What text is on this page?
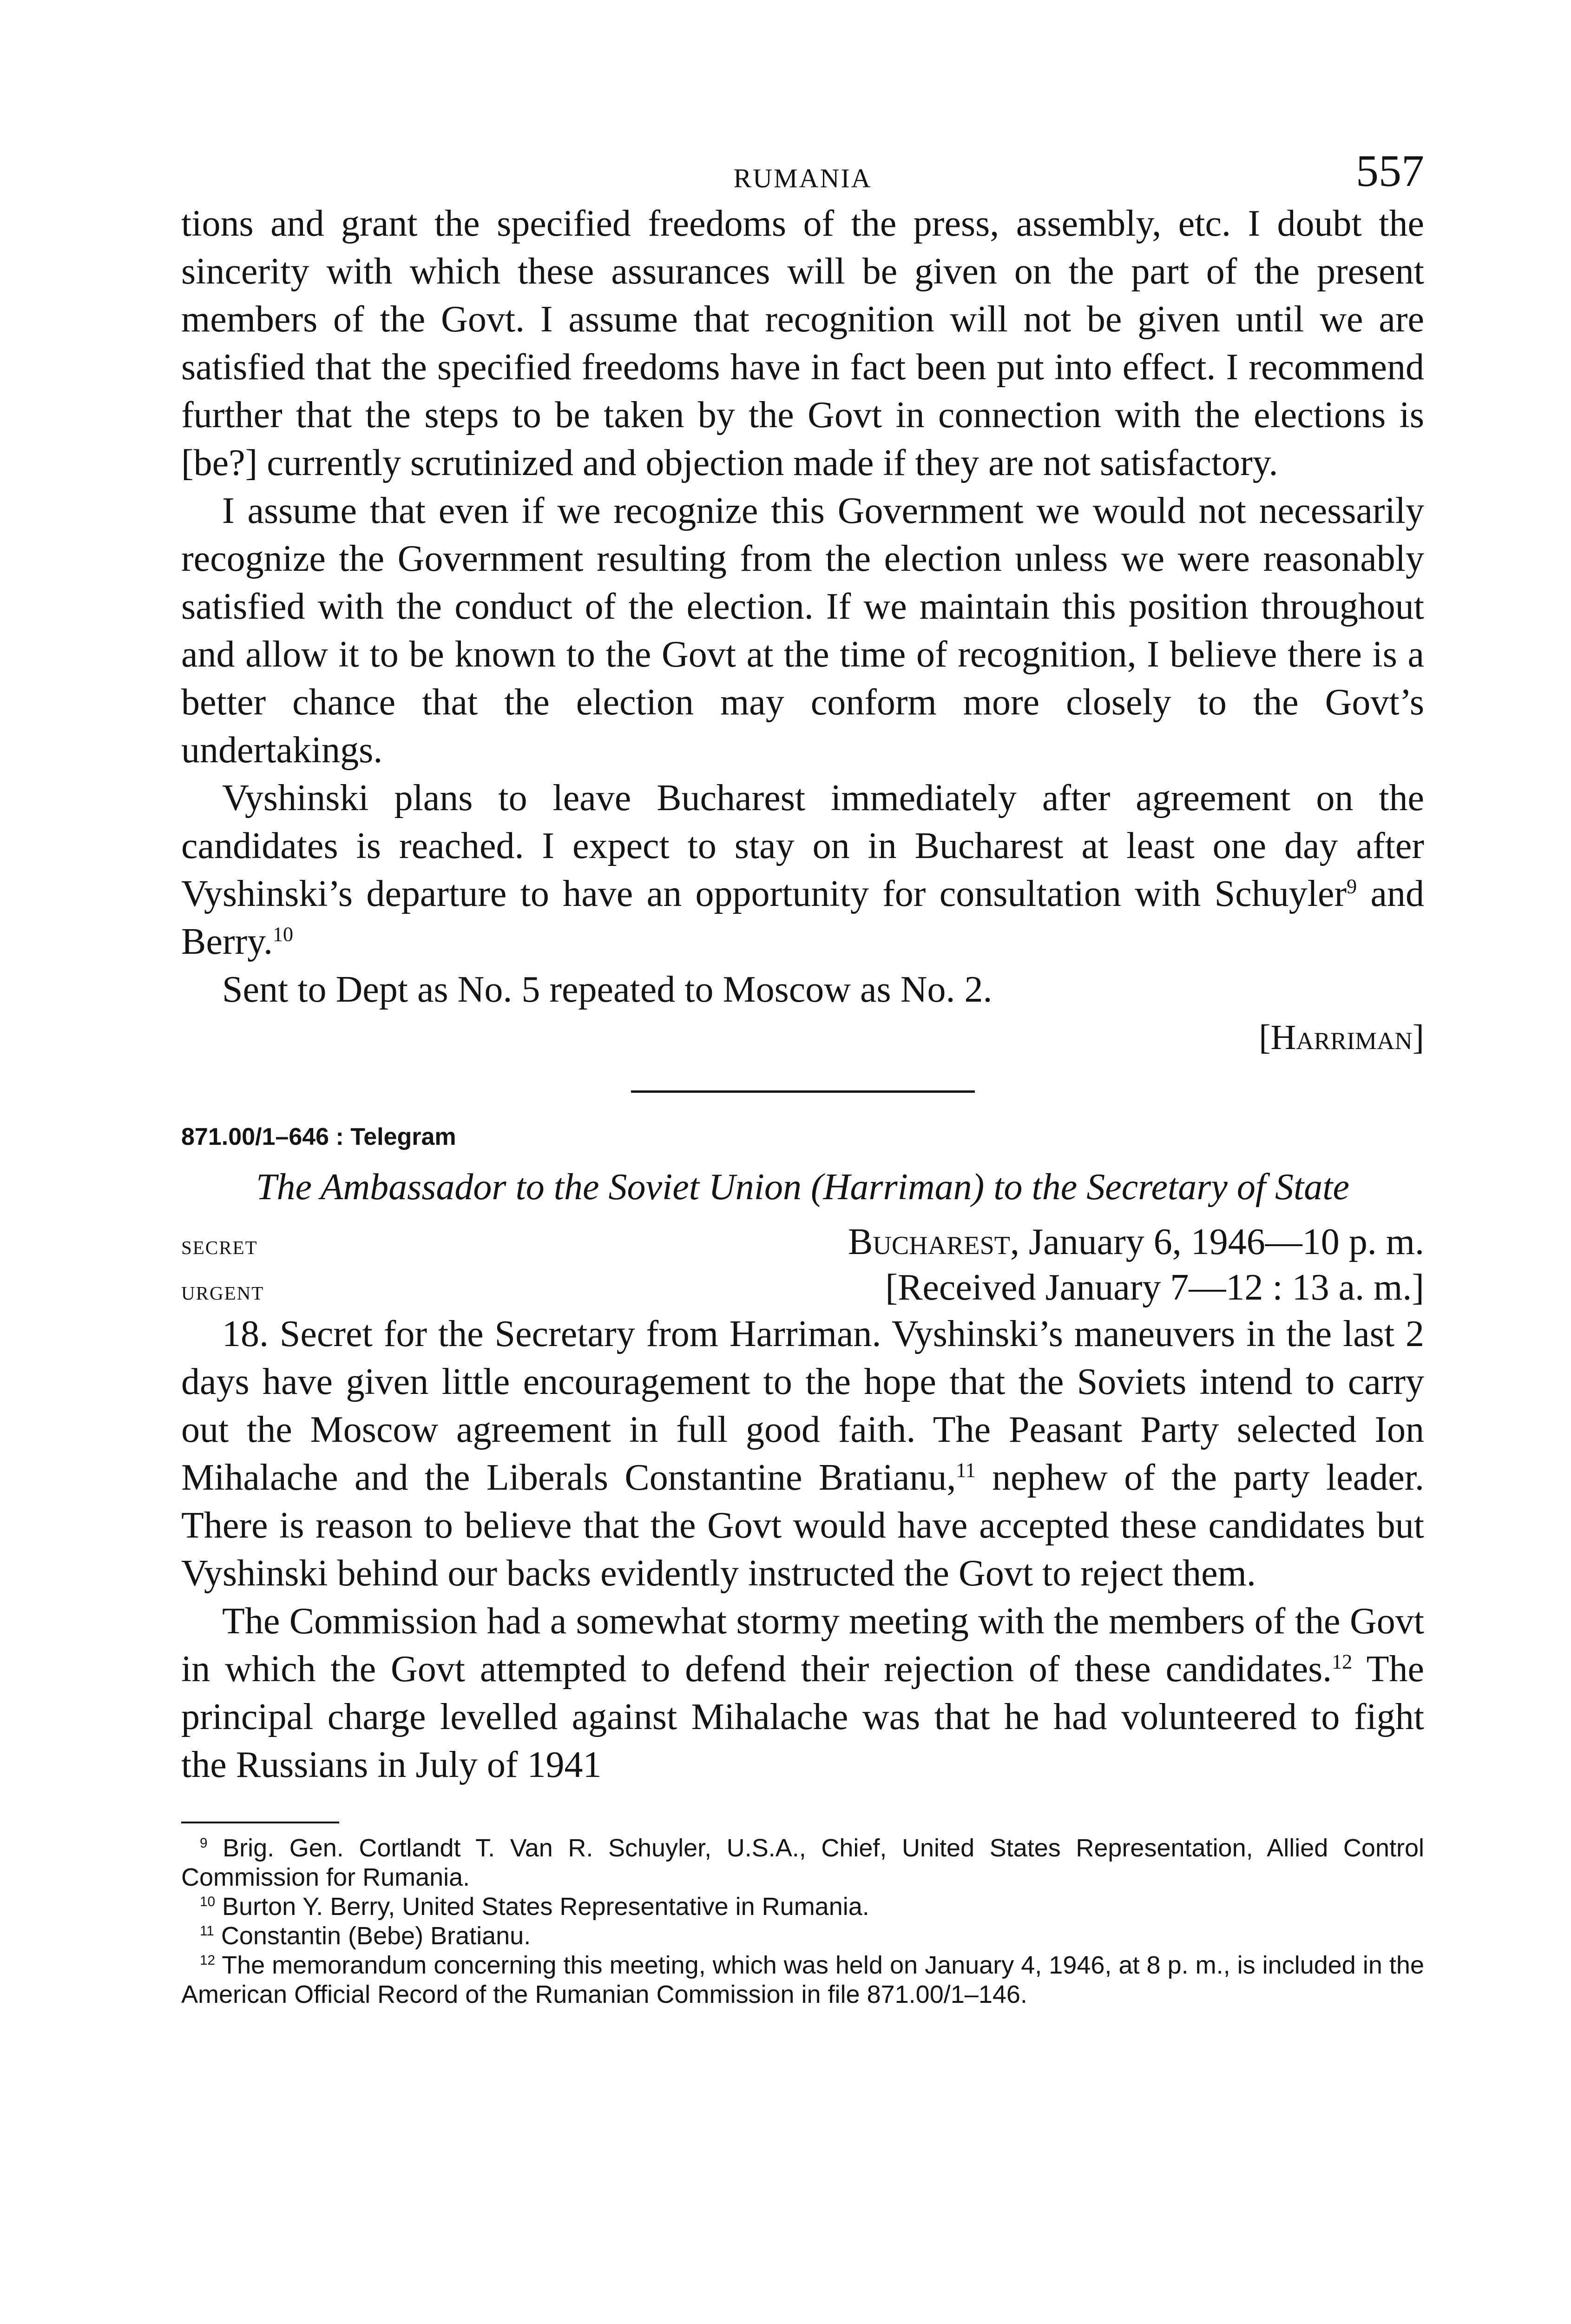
RUMANIA	557

tions and grant the specified freedoms of the press, assembly, etc. I doubt the sincerity with which these assurances will be given on the part of the present members of the Govt. I assume that recognition will not be given until we are satisfied that the specified freedoms have in fact been put into effect. I recommend further that the steps to be taken by the Govt in connection with the elections is [be?] currently scrutinized and objection made if they are not satisfactory.

I assume that even if we recognize this Government we would not necessarily recognize the Government resulting from the election unless we were reasonably satisfied with the conduct of the election. If we maintain this position throughout and allow it to be known to the Govt at the time of recognition, I believe there is a better chance that the election may conform more closely to the Govt’s undertakings.

Vyshinski plans to leave Bucharest immediately after agreement on the candidates is reached. I expect to stay on in Bucharest at least one day after Vyshinski’s departure to have an opportunity for consultation with Schuyler$^9$ and Berry.$^{10}$

Sent to Dept as No. 5 repeated to Moscow as No. 2.

[Harriman]

871.00/1–646 : Telegram

The Ambassador to the Soviet Union (Harriman) to the Secretary of State

secret	Bucharest, January 6, 1946—10 p. m.
urgent	[Received January 7—12 : 13 a. m.]

18. Secret for the Secretary from Harriman. Vyshinski’s maneuvers in the last 2 days have given little encouragement to the hope that the Soviets intend to carry out the Moscow agreement in full good faith. The Peasant Party selected Ion Mihalache and the Liberals Constantine Bratianu,$^{11}$ nephew of the party leader. There is reason to believe that the Govt would have accepted these candidates but Vyshinski behind our backs evidently instructed the Govt to reject them.

The Commission had a somewhat stormy meeting with the members of the Govt in which the Govt attempted to defend their rejection of these candidates.$^{12}$ The principal charge levelled against Mihalache was that he had volunteered to fight the Russians in July of 1941

$^9$ Brig. Gen. Cortlandt T. Van R. Schuyler, U.S.A., Chief, United States Representation, Allied Control Commission for Rumania.

$^{10}$ Burton Y. Berry, United States Representative in Rumania.

$^{11}$ Constantin (Bebe) Bratianu.

$^{12}$ The memorandum concerning this meeting, which was held on January 4, 1946, at 8 p. m., is included in the American Official Record of the Rumanian Commission in file 871.00/1–146.
